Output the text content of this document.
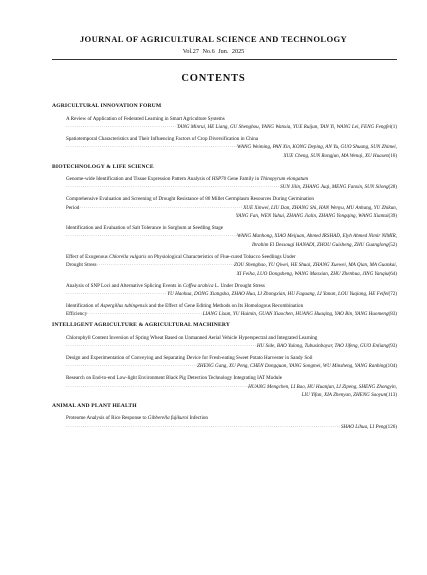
JOURNAL OF AGRICULTURAL SCIENCE AND TECHNOLOGY
Vol.27 No.6 Jun. 2025
CONTENTS
AGRICULTURAL INNOVATION FORUM
A Review of Application of Federated Learning in Smart Agriculture Systems
·····
TANG Minrui, HE Liang, GU Shenghou, YANG Wanxia, YUE Ruijun, TAN Yi, WANG Lei, FENG Fengfei (1)
Spatiotemporal Characteristics and Their Influencing Factors of Crop Diversification in China
·····
WANG Weiming, PAN Xin, KONG Deping, AN Yu, GUO Shuang, SUN Zhimei,
XUE Cheng, SUN Rongjun, MA Wenqi, XU Huasen (16)
BIOTECHNOLOGY & LIFE SCIENCE
Genome-wide Identification and Tissue Expression Pattern Analysis of HSP70 Gene Family in Thinopyrum elongatum
·····
SUN Jilin, ZHANG Juqi, MENG Fanxin, SUN Silong (28)
Comprehensive Evaluation and Screening of Drought Resistance of 86 Millet Germplasm Resources During Germination
Period ·····	XUE Xinwei, LIU Dan, ZHANG Shi, HAN Wenyu, MU Anhang, YU Zhikun,
YANG Fan, WEN Yuhui, ZHANG Jialin, ZHANG Yongqing, WANG Xiantai (39)
Identification and Evaluation of Salt Tolerance in Sorghum at Seedling Stage
·····
WANG Manhong, XIAO Meijuan, Ahmed IRSHAD, Elyh Ahmed Nimir NIMIR,
Ibrahim El Dessougi HANADI, ZHOU Guisheng, ZHU Guanglong (52)
Effect of Exogenous Chlorella vulgaris on Physiological Characteristics of Flue-cured Tobacco Seedlings Under
Drought Stress ·····	ZOU Shenghao, YU Qiwei, HE Shuai, ZHANG Xuewei, MA Qian, MA Guankai,
XI Feiha, LUO Dongsheng, WANG Maoxian, ZHU Zhenhua, JING Yanqiu (64)
Analysis of SNP Loci and Alternative Splicing Events in Coffea arabica L. Under Drought Stress
·····
YU Haohua, DONG Xiangsha, ZHAO Hua, LI Zhongxian, HU Faguang, LI Yanan, LOU Yuqiang, HE Feifei (72)
Identification of Aspergillus tubingensis and the Effect of Gene Editing Methods on Its Homologous Recombination
Efficiency ·····	LIANG Lixun, YU Huimin, GUAN Xiaochen, HUANG Huaqing, YAO Bin, YANG Huomeng (83)
INTELLIGENT AGRICULTURE & AGRICULTURAL MACHINERY
Chlorophyll Content Inversion of Spring Wheat Based on Unmanned Aerial Vehicle Hyperspectral and Integrated Learning
·····
HU Side, BAO Yulong, Tubusinbayar, TAO Jifeng, GUO Enliang (93)
Design and Experimentation of Conveying and Separating Device for Fresh-eating Sweet Potato Harvester in Sandy Soil
·····
ZHENG Gang, XU Peng, CHEN Dongquan, YANG Songmei, WU Minsheng, YANG Ranbing (104)
Research on End-to-end Low-light Environment Black Pig Detection Technology Integrating IAT Module
·····
HUANG Mengchen, LI Bao, HU Huanjun, LI Zipeng, SHENG Zhongyin,
LIU Yifan, XIA Zhenyan, ZHENG Saoyun (113)
ANIMAL AND PLANT HEALTH
Proteome Analysis of Rice Response to Gibberella fujikuroi Infection
·····
SHAO Lihua, LI Peng (126)
